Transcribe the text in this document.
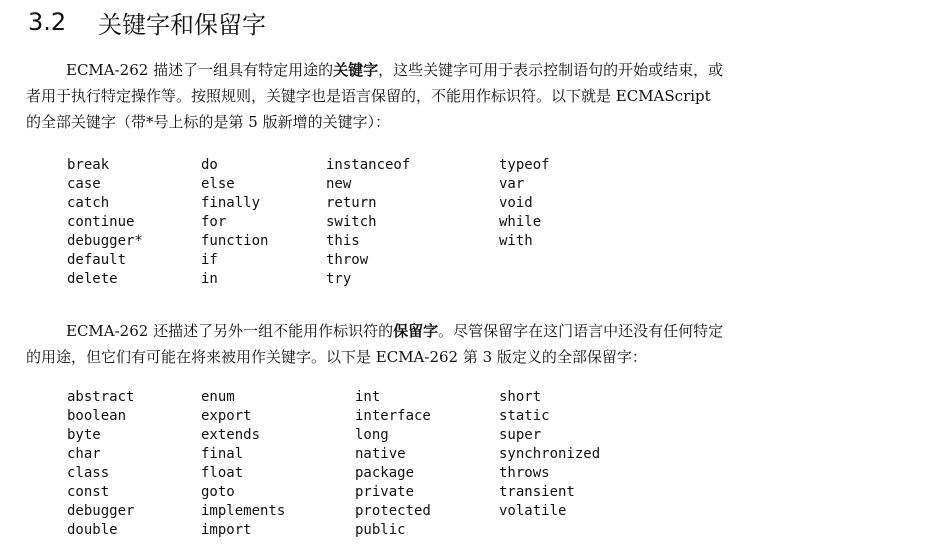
3.2	关键字和保留字

ECMA-262 描述了一组具有特定用途的关键字，这些关键字可用于表示控制语句的开始或结束，或
者用于执行特定操作等。按照规则，关键字也是语言保留的，不能用作标识符。以下就是 ECMAScript
的全部关键字（带*号上标的是第 5 版新增的关键字）：

break
case
catch
continue
debugger*
default
delete
do
else
finally
for
function
if
in
instanceof
new
return
switch
this
throw
try
typeof
var
void
while
with

ECMA-262 还描述了另外一组不能用作标识符的保留字。尽管保留字在这门语言中还没有任何特定
的用途，但它们有可能在将来被用作关键字。以下是 ECMA-262 第 3 版定义的全部保留字：

abstract
boolean
byte
char
class
const
debugger
double
enum
export
extends
final
float
goto
implements
import
int
interface
long
native
package
private
protected
public
short
static
super
synchronized
throws
transient
volatile
